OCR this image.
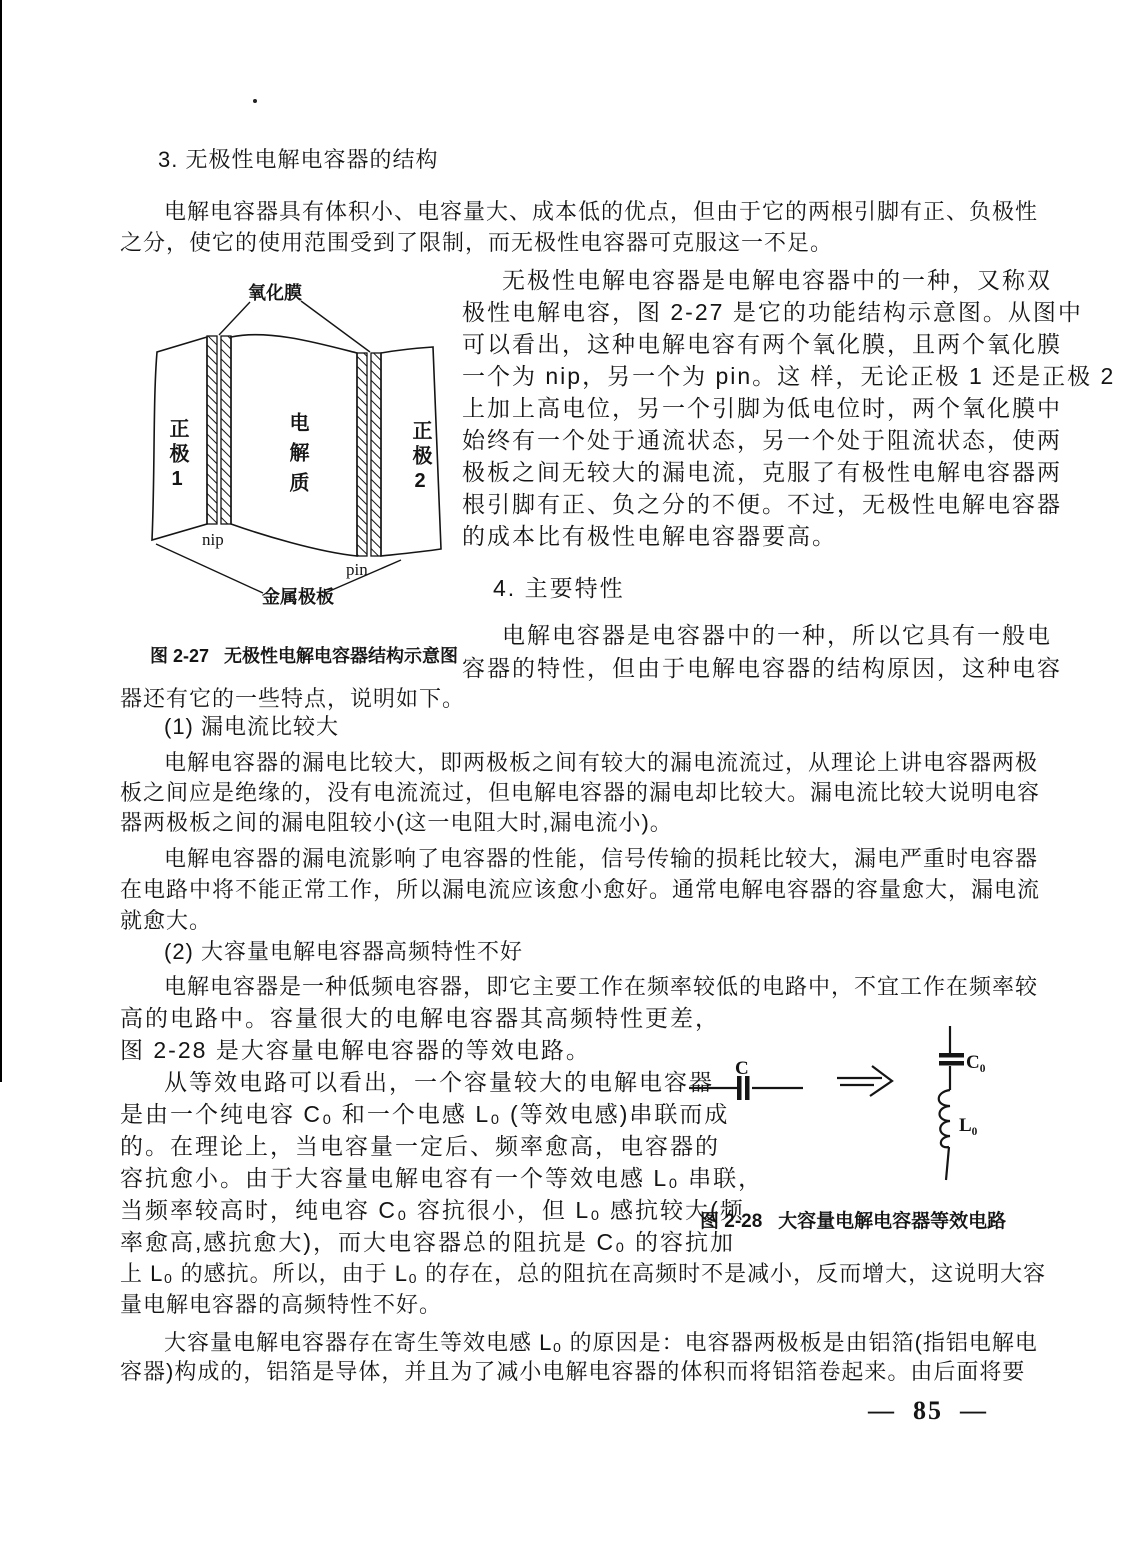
3. 无极性电解电容器的结构
电解电容器具有体积小、电容量大、成本低的优点，但由于它的两根引脚有正、负极性
之分，使它的使用范围受到了限制，而无极性电容器可克服这一不足。
氧化膜
nip
pin
金属极板
正极1	电解质	正极2
图 2-27   无极性电解电容器结构示意图
无极性电解电容器是电解电容器中的一种，又称双
极性电解电容，图 2-27 是它的功能结构示意图。从图中
可以看出，这种电解电容有两个氧化膜，且两个氧化膜
一个为 nip，另一个为 pin。这 样，无论正极 1 还是正极 2
上加上高电位，另一个引脚为低电位时，两个氧化膜中
始终有一个处于通流状态，另一个处于阻流状态，使两
极板之间无较大的漏电流，克服了有极性电解电容器两
根引脚有正、负之分的不便。不过，无极性电解电容器
的成本比有极性电解电容器要高。
4. 主要特性
电解电容器是电容器中的一种，所以它具有一般电
容器的特性，但由于电解电容器的结构原因，这种电容
器还有它的一些特点，说明如下。
(1) 漏电流比较大
电解电容器的漏电比较大，即两极板之间有较大的漏电流流过，从理论上讲电容器两极
板之间应是绝缘的，没有电流流过，但电解电容器的漏电却比较大。漏电流比较大说明电容
器两极板之间的漏电阻较小(这一电阻大时,漏电流小)。
电解电容器的漏电流影响了电容器的性能，信号传输的损耗比较大，漏电严重时电容器
在电路中将不能正常工作，所以漏电流应该愈小愈好。通常电解电容器的容量愈大，漏电流
就愈大。
(2) 大容量电解电容器高频特性不好
电解电容器是一种低频电容器，即它主要工作在频率较低的电路中，不宜工作在频率较
高的电路中。容量很大的电解电容器其高频特性更差，
图 2-28 是大容量电解电容器的等效电路。
从等效电路可以看出，一个容量较大的电解电容器
是由一个纯电容 C₀ 和一个电感 L₀ (等效电感)串联而成
的。在理论上，当电容量一定后、频率愈高，电容器的
容抗愈小。由于大容量电解电容有一个等效电感 L₀ 串联，
当频率较高时，纯电容 C₀ 容抗很小，但 L₀ 感抗较大(频
率愈高,感抗愈大)，而大电容器总的阻抗是 C₀ 的容抗加
C	C₀
L₀
图 2-28   大容量电解电容器等效电路
上 L₀ 的感抗。所以，由于 L₀ 的存在，总的阻抗在高频时不是减小，反而增大，这说明大容
量电解电容器的高频特性不好。
大容量电解电容器存在寄生等效电感 L₀ 的原因是：电容器两极板是由铝箔(指铝电解电
容器)构成的，铝箔是导体，并且为了减小电解电容器的体积而将铝箔卷起来。由后面将要
—  85  —
